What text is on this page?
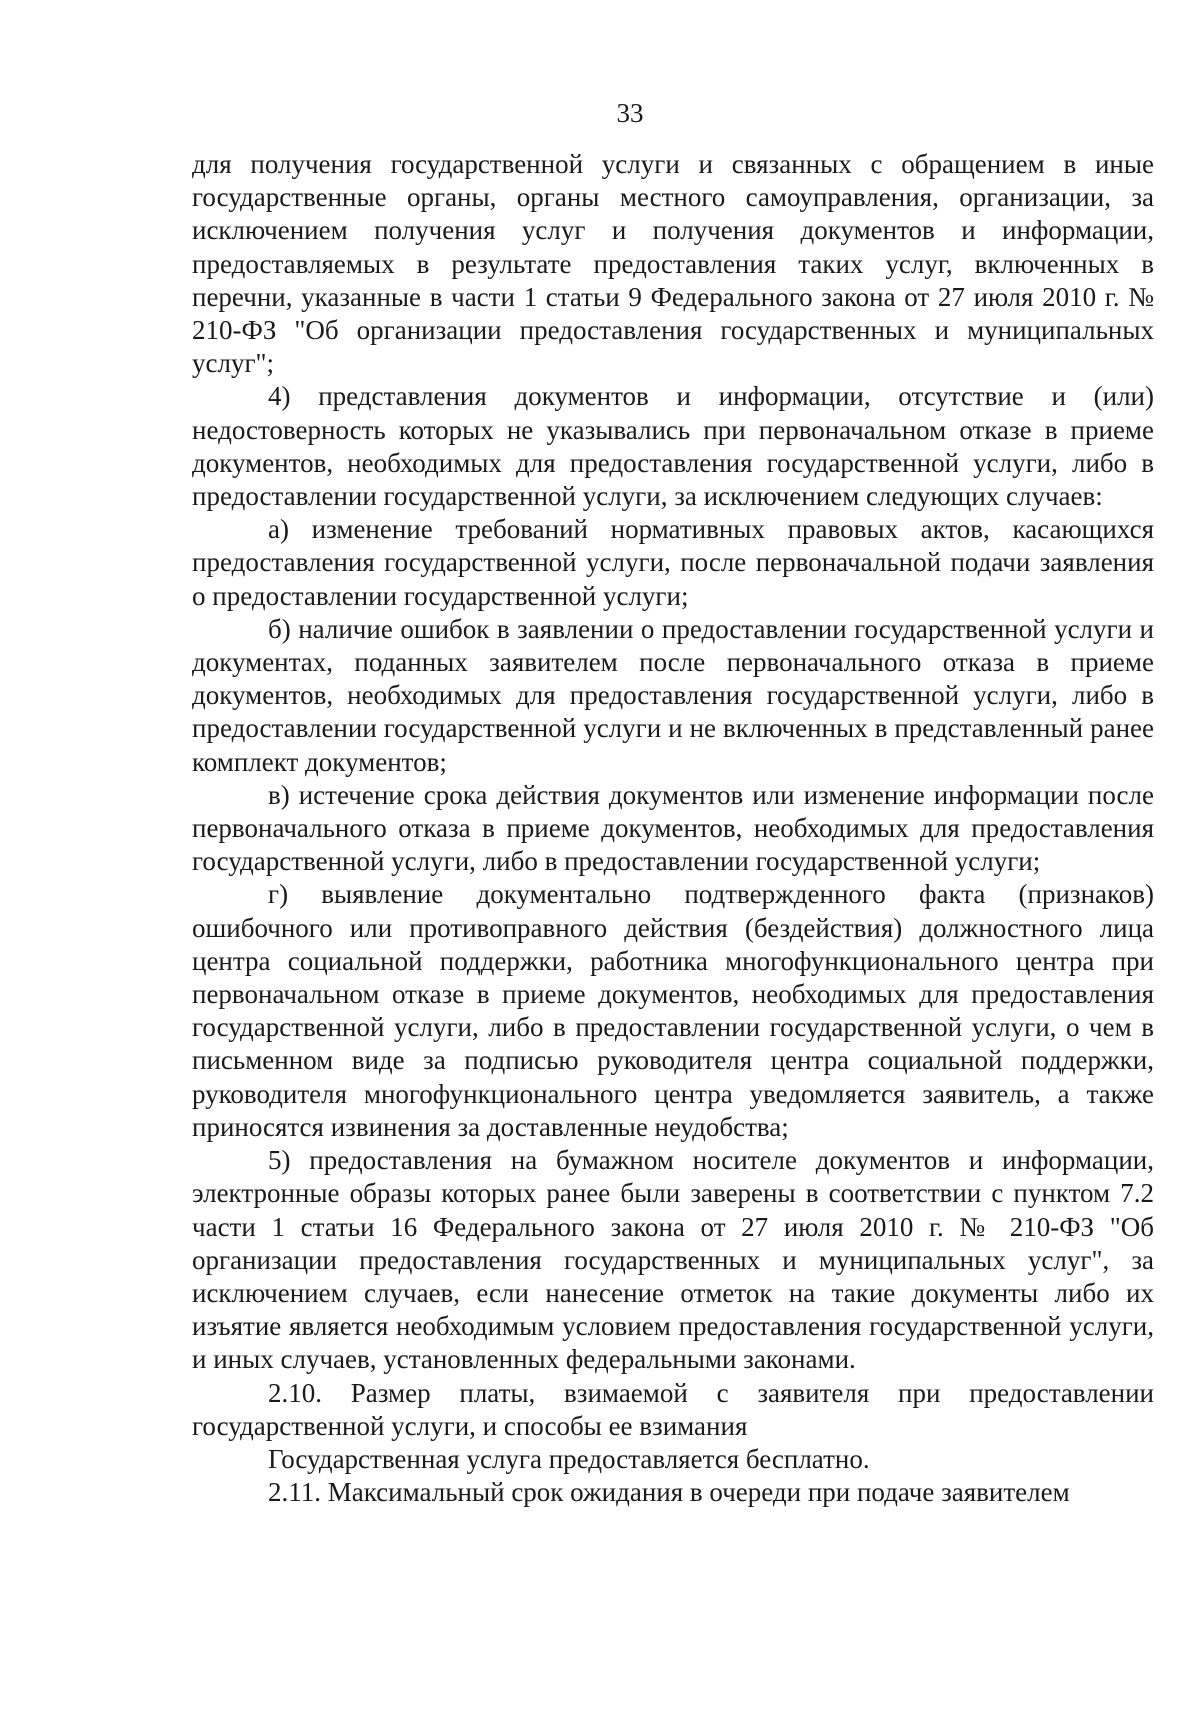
33

для получения государственной услуги и связанных с обращением в иные государственные органы, органы местного самоуправления, организации, за исключением получения услуг и получения документов и информации, предоставляемых в результате предоставления таких услуг, включенных в перечни, указанные в части 1 статьи 9 Федерального закона от 27 июля 2010 г. № 210-ФЗ "Об организации предоставления государственных и муниципальных услуг";

4) представления документов и информации, отсутствие и (или) недостоверность которых не указывались при первоначальном отказе в приеме документов, необходимых для предоставления государственной услуги, либо в предоставлении государственной услуги, за исключением следующих случаев:

а) изменение требований нормативных правовых актов, касающихся предоставления государственной услуги, после первоначальной подачи заявления о предоставлении государственной услуги;

б) наличие ошибок в заявлении о предоставлении государственной услуги и документах, поданных заявителем после первоначального отказа в приеме документов, необходимых для предоставления государственной услуги, либо в предоставлении государственной услуги и не включенных в представленный ранее комплект документов;

в) истечение срока действия документов или изменение информации после первоначального отказа в приеме документов, необходимых для предоставления государственной услуги, либо в предоставлении государственной услуги;

г) выявление документально подтвержденного факта (признаков) ошибочного или противоправного действия (бездействия) должностного лица центра социальной поддержки, работника многофункционального центра при первоначальном отказе в приеме документов, необходимых для предоставления государственной услуги, либо в предоставлении государственной услуги, о чем в письменном виде за подписью руководителя центра социальной поддержки, руководителя многофункционального центра уведомляется заявитель, а также приносятся извинения за доставленные неудобства;

5) предоставления на бумажном носителе документов и информации, электронные образы которых ранее были заверены в соответствии с пунктом 7.2 части 1 статьи 16 Федерального закона от 27 июля 2010 г. № 210-ФЗ "Об организации предоставления государственных и муниципальных услуг", за исключением случаев, если нанесение отметок на такие документы либо их изъятие является необходимым условием предоставления государственной услуги, и иных случаев, установленных федеральными законами.

2.10. Размер платы, взимаемой с заявителя при предоставлении государственной услуги, и способы ее взимания

Государственная услуга предоставляется бесплатно.

2.11. Максимальный срок ожидания в очереди при подаче заявителем
